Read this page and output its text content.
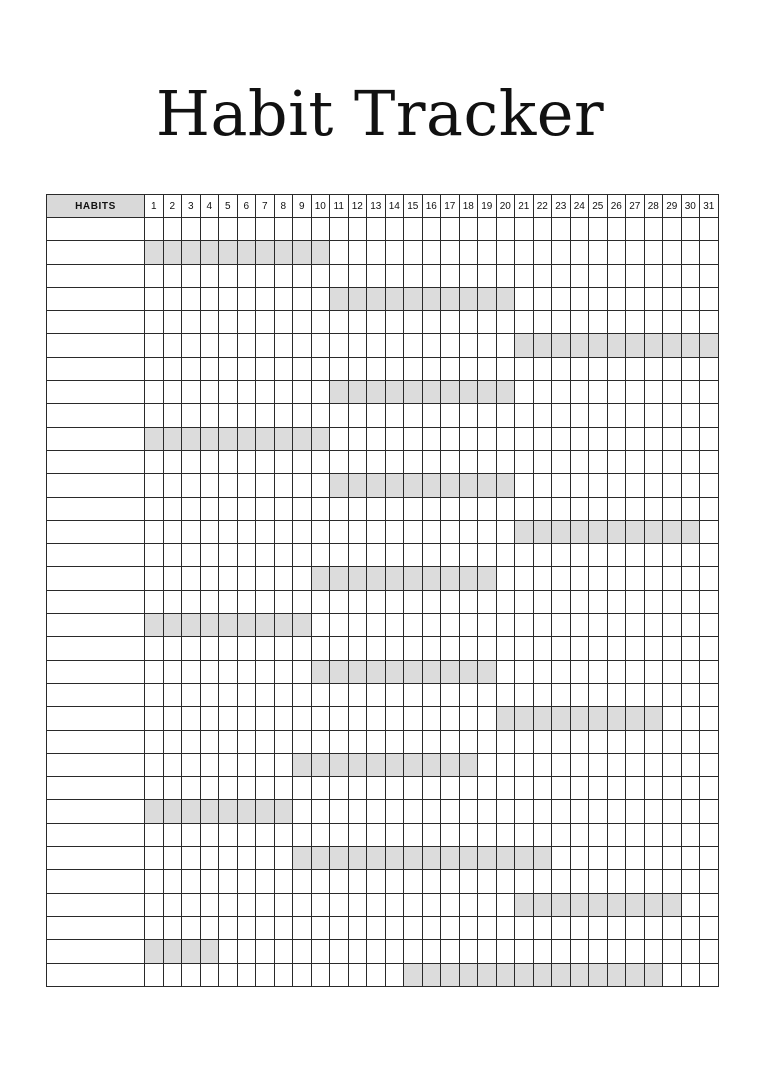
Habit Tracker
HABITS	1	2	3	4	5	6	7	8	9	10	11	12	13	14	15	16	17	18	19	20	21	22	23	24	25	26	27	28	29	30	31
